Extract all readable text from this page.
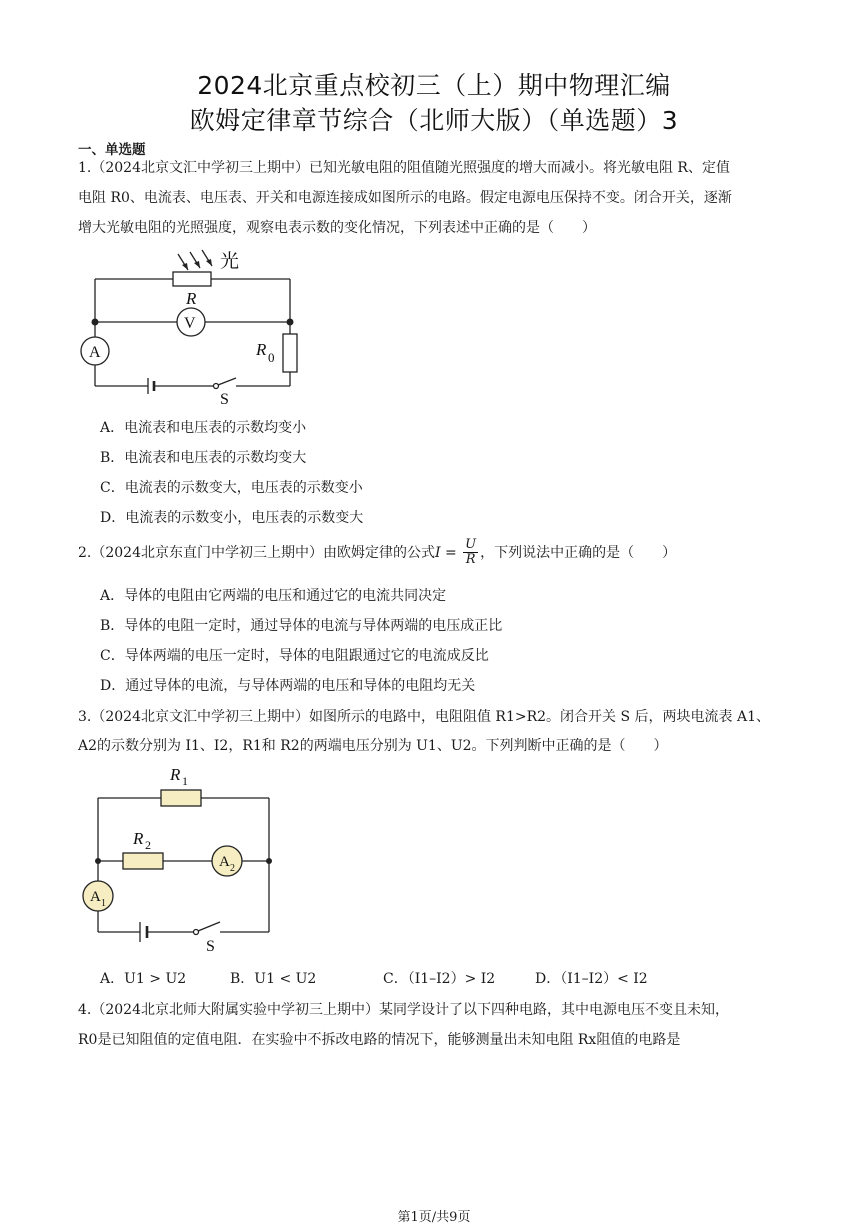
2024北京重点校初三（上）期中物理汇编
欧姆定律章节综合（北师大版）（单选题）3
一、单选题
1.（2024北京文汇中学初三上期中）已知光敏电阻的阻值随光照强度的增大而减小。将光敏电阻 R、定值
电阻 R0、电流表、电压表、开关和电源连接成如图所示的电路。假定电源电压保持不变。闭合开关，逐渐
增大光敏电阻的光照强度，观察电表示数的变化情况，下列表述中正确的是（　　）
光
R
V
A	R 0
S
A．电流表和电压表的示数均变小
B．电流表和电压表的示数均变大
C．电流表的示数变大，电压表的示数变小
D．电流表的示数变小，电压表的示数变大
2.（2024北京东直门中学初三上期中）由欧姆定律的公式$I = \frac{U}{R}$ ，下列说法中正确的是（　　）
A．导体的电阻由它两端的电压和通过它的电流共同决定
B．导体的电阻一定时，通过导体的电流与导体两端的电压成正比
C．导体两端的电压一定时，导体的电阻跟通过它的电流成反比
D．通过导体的电流，与导体两端的电压和导体的电阻均无关
3.（2024北京文汇中学初三上期中）如图所示的电路中，电阻阻值 R1>R2。闭合开关 S 后，两块电流表 A1、
A2的示数分别为 I1、I2，R1和 R2的两端电压分别为 U1、U2。下列判断中正确的是（　　）
R 1
R 2
A 2
A 1
S
A．U1 > U2	B．U1 < U2	C．（I1–I2）> I2	D．（I1–I2）< I2
4.（2024北京北师大附属实验中学初三上期中）某同学设计了以下四种电路，其中电源电压不变且未知，
R0是已知阻值的定值电阻．在实验中不拆改电路的情况下，能够测量出未知电阻 Rx阻值的电路是
第1页/共9页
